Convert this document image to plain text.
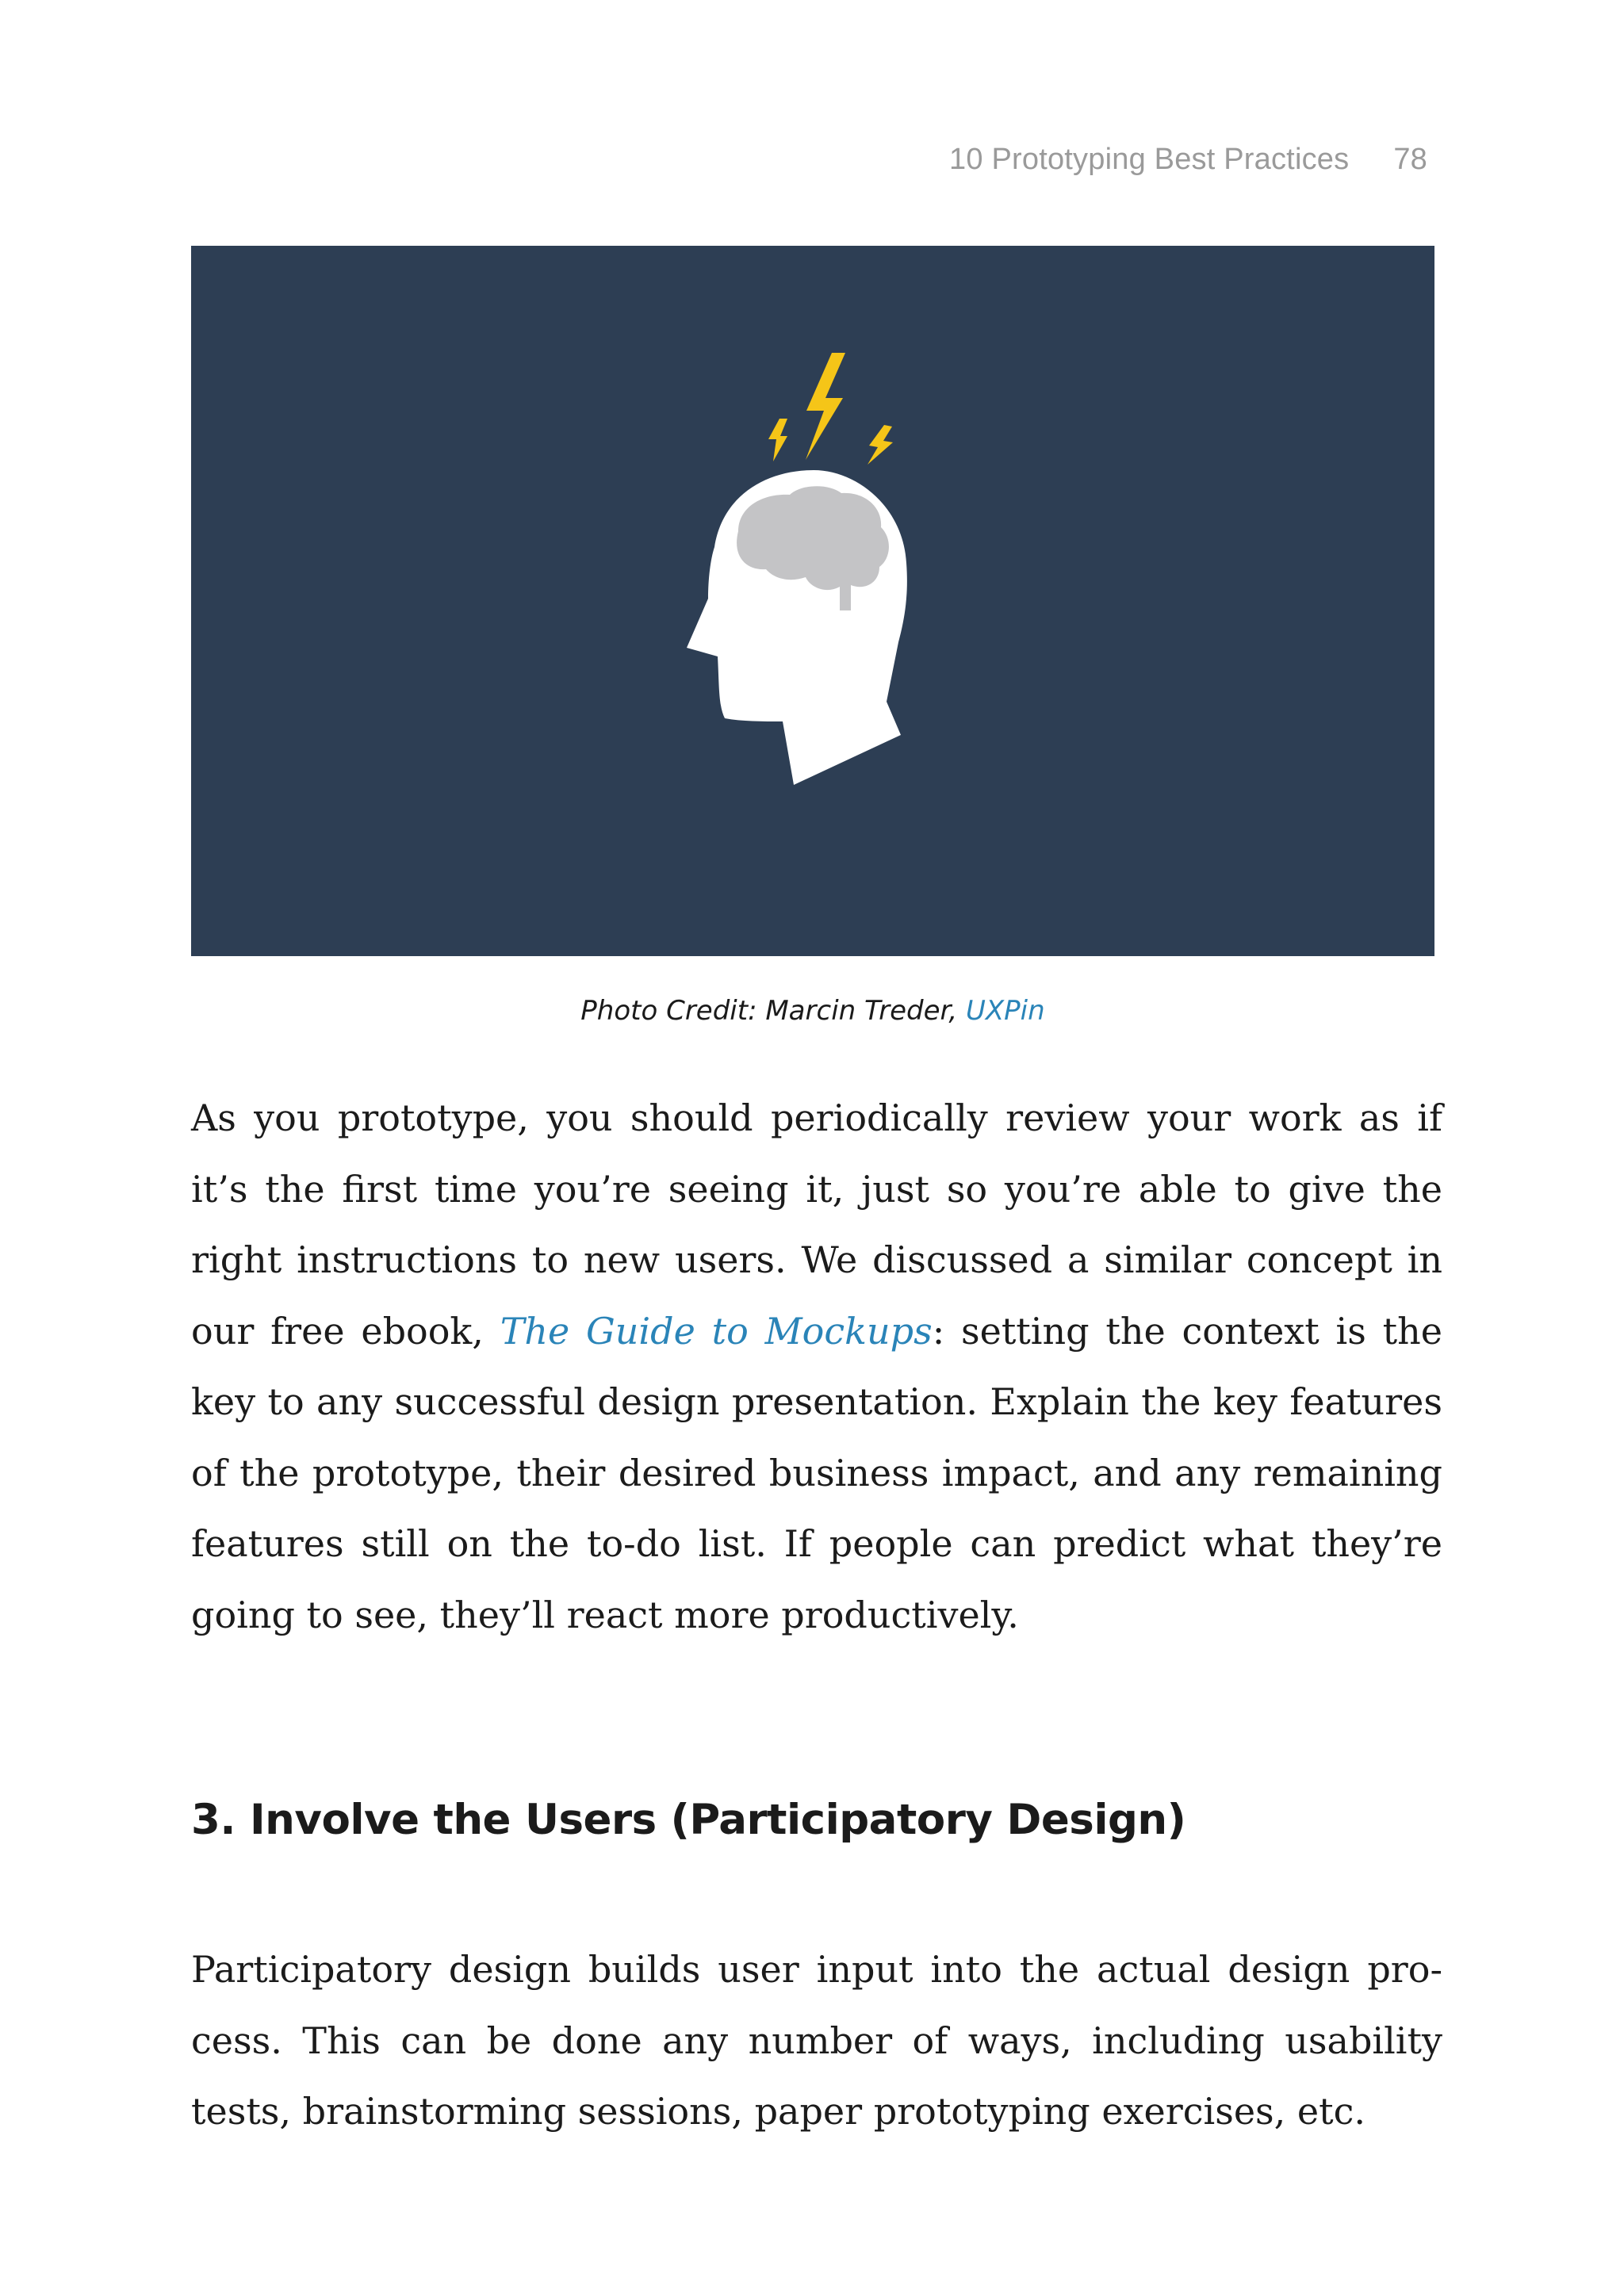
10 Prototyping Best Practices 78
Photo Credit: Marcin Treder, UXPin
As you prototype, you should periodically review your work as if it’s the first time you’re seeing it, just so you’re able to give the right instructions to new users. We discussed a similar concept in our free ebook, The Guide to Mockups: setting the context is the key to any successful design presentation. Explain the key features of the prototype, their desired business impact, and any remaining features still on the to-do list. If people can predict what they’re going to see, they’ll react more productively.
3. Involve the Users (Participatory Design)
Participatory design builds user input into the actual design process. This can be done any number of ways, including usability tests, brainstorming sessions, paper prototyping exercises, etc.
